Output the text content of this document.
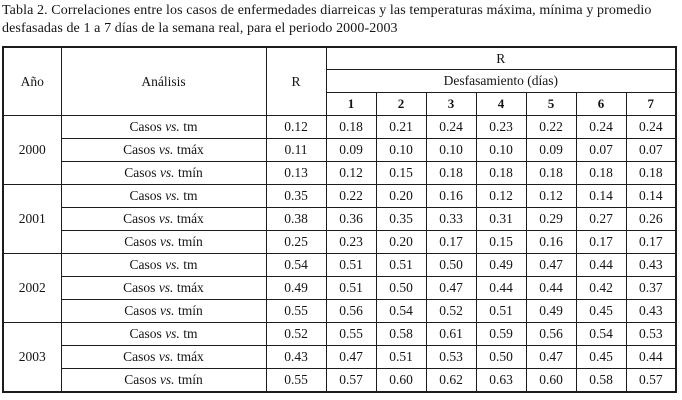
Tabla 2. Correlaciones entre los casos de enfermedades diarreicas y las temperaturas máxima, mínima y promedio desfasadas de 1 a 7 días de la semana real, para el periodo 2000-2003

Año	Análisis	R	R						
			Desfasamiento (días)						
			1	2	3	4	5	6	7
2000	Casos vs. tm	0.12	0.18	0.21	0.24	0.23	0.22	0.24	0.24
	Casos vs. tmáx	0.11	0.09	0.10	0.10	0.10	0.09	0.07	0.07
	Casos vs. tmín	0.13	0.12	0.15	0.18	0.18	0.18	0.18	0.18
2001	Casos vs. tm	0.35	0.22	0.20	0.16	0.12	0.12	0.14	0.14
	Casos vs. tmáx	0.38	0.36	0.35	0.33	0.31	0.29	0.27	0.26
	Casos vs. tmín	0.25	0.23	0.20	0.17	0.15	0.16	0.17	0.17
2002	Casos vs. tm	0.54	0.51	0.51	0.50	0.49	0.47	0.44	0.43
	Casos vs. tmáx	0.49	0.51	0.50	0.47	0.44	0.44	0.42	0.37
	Casos vs. tmín	0.55	0.56	0.54	0.52	0.51	0.49	0.45	0.43
2003	Casos vs. tm	0.52	0.55	0.58	0.61	0.59	0.56	0.54	0.53
	Casos vs. tmáx	0.43	0.47	0.51	0.53	0.50	0.47	0.45	0.44
	Casos vs. tmín	0.55	0.57	0.60	0.62	0.63	0.60	0.58	0.57
